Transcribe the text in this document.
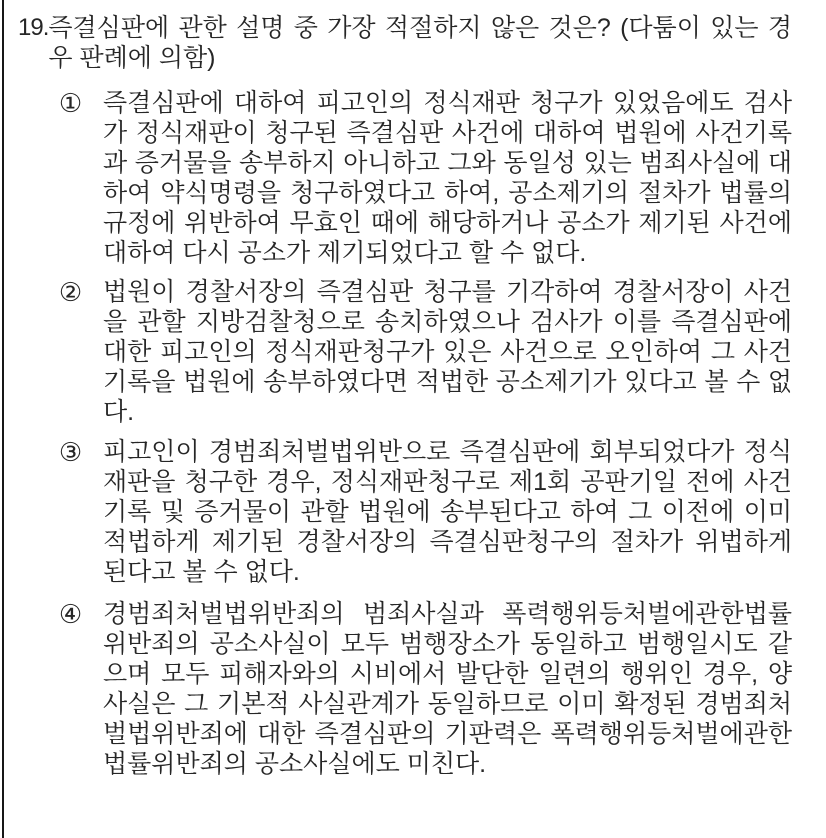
19. 즉결심판에 관한 설명 중 가장 적절하지 않은 것은? (다툼이 있는 경우 판례에 의함)
① 즉결심판에 대하여 피고인의 정식재판 청구가 있었음에도 검사가 정식재판이 청구된 즉결심판 사건에 대하여 법원에 사건기록과 증거물을 송부하지 아니하고 그와 동일성 있는 범죄사실에 대하여 약식명령을 청구하였다고 하여, 공소제기의 절차가 법률의 규정에 위반하여 무효인 때에 해당하거나 공소가 제기된 사건에 대하여 다시 공소가 제기되었다고 할 수 없다.
② 법원이 경찰서장의 즉결심판 청구를 기각하여 경찰서장이 사건을 관할 지방검찰청으로 송치하였으나 검사가 이를 즉결심판에 대한 피고인의 정식재판청구가 있은 사건으로 오인하여 그 사건기록을 법원에 송부하였다면 적법한 공소제기가 있다고 볼 수 없다.
③ 피고인이 경범죄처벌법위반으로 즉결심판에 회부되었다가 정식재판을 청구한 경우, 정식재판청구로 제1회 공판기일 전에 사건기록 및 증거물이 관할 법원에 송부된다고 하여 그 이전에 이미 적법하게 제기된 경찰서장의 즉결심판청구의 절차가 위법하게 된다고 볼 수 없다.
④ 경범죄처벌법위반죄의 범죄사실과 폭력행위등처벌에관한법률위반죄의 공소사실이 모두 범행장소가 동일하고 범행일시도 같으며 모두 피해자와의 시비에서 발단한 일련의 행위인 경우, 양 사실은 그 기본적 사실관계가 동일하므로 이미 확정된 경범죄처벌법위반죄에 대한 즉결심판의 기판력은 폭력행위등처벌에관한법률위반죄의 공소사실에도 미친다.
